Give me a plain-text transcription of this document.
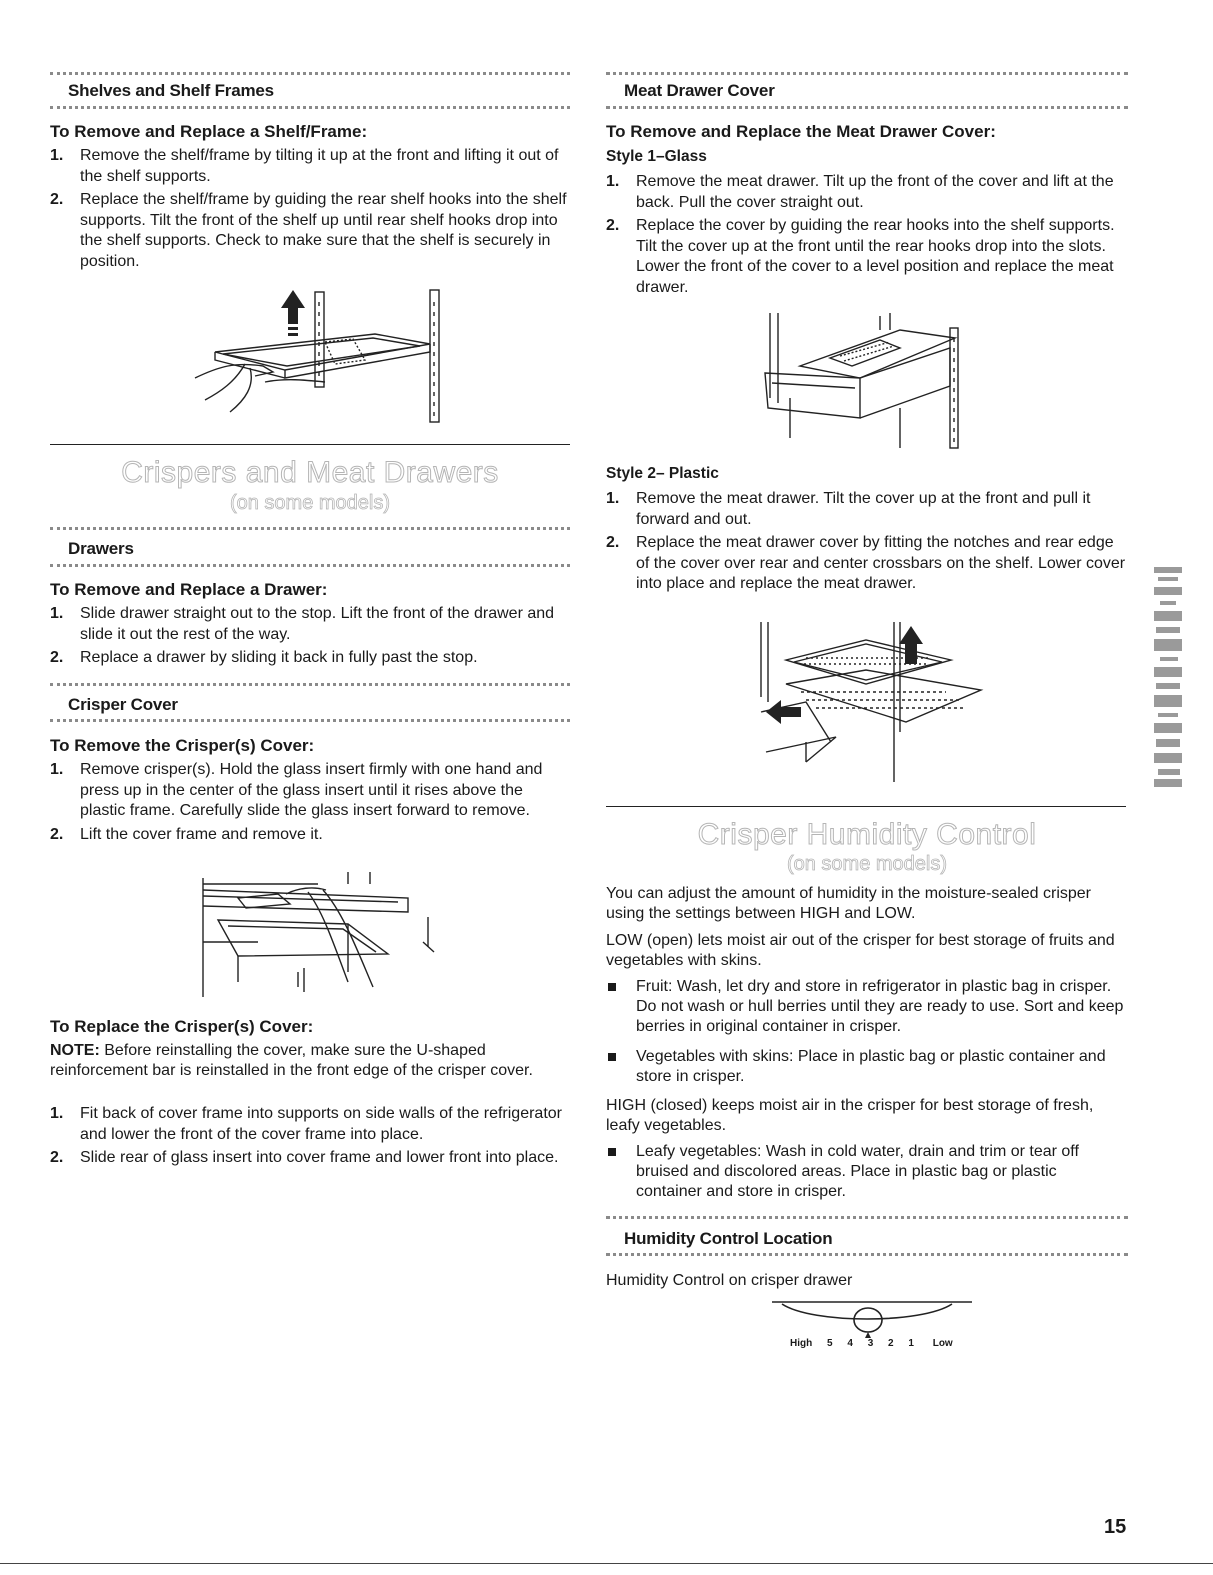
Shelves and Shelf Frames
To Remove and Replace a Shelf/Frame:
1. Remove the shelf/frame by tilting it up at the front and lifting it out of the shelf supports.
2. Replace the shelf/frame by guiding the rear shelf hooks into the shelf supports. Tilt the front of the shelf up until rear shelf hooks drop into the shelf supports. Check to make sure that the shelf is securely in position.
Crispers and Meat Drawers
(on some models)
Drawers
To Remove and Replace a Drawer:
1. Slide drawer straight out to the stop. Lift the front of the drawer and slide it out the rest of the way.
2. Replace a drawer by sliding it back in fully past the stop.
Crisper Cover
To Remove the Crisper(s) Cover:
1. Remove crisper(s). Hold the glass insert firmly with one hand and press up in the center of the glass insert until it rises above the plastic frame. Carefully slide the glass insert forward to remove.
2. Lift the cover frame and remove it.
To Replace the Crisper(s) Cover:
NOTE: Before reinstalling the cover, make sure the U-shaped reinforcement bar is reinstalled in the front edge of the crisper cover.
1. Fit back of cover frame into supports on side walls of the refrigerator and lower the front of the cover frame into place.
2. Slide rear of glass insert into cover frame and lower front into place.
Meat Drawer Cover
To Remove and Replace the Meat Drawer Cover:
Style 1–Glass
1. Remove the meat drawer. Tilt up the front of the cover and lift at the back. Pull the cover straight out.
2. Replace the cover by guiding the rear hooks into the shelf supports. Tilt the cover up at the front until the rear hooks drop into the slots. Lower the front of the cover to a level position and replace the meat drawer.
Style 2– Plastic
1. Remove the meat drawer. Tilt the cover up at the front and pull it forward and out.
2. Replace the meat drawer cover by fitting the notches and rear edge of the cover over rear and center crossbars on the shelf. Lower cover into place and replace the meat drawer.
Crisper Humidity Control
(on some models)
You can adjust the amount of humidity in the moisture-sealed crisper using the settings between HIGH and LOW.
LOW (open) lets moist air out of the crisper for best storage of fruits and vegetables with skins.
Fruit: Wash, let dry and store in refrigerator in plastic bag in crisper. Do not wash or hull berries until they are ready to use. Sort and keep berries in original container in crisper.
Vegetables with skins: Place in plastic bag or plastic container and store in crisper.
HIGH (closed) keeps moist air in the crisper for best storage of fresh, leafy vegetables.
Leafy vegetables: Wash in cold water, drain and trim or tear off bruised and discolored areas. Place in plastic bag or plastic container and store in crisper.
Humidity Control Location
Humidity Control on crisper drawer
High 5 4 3 2 1 Low
15
